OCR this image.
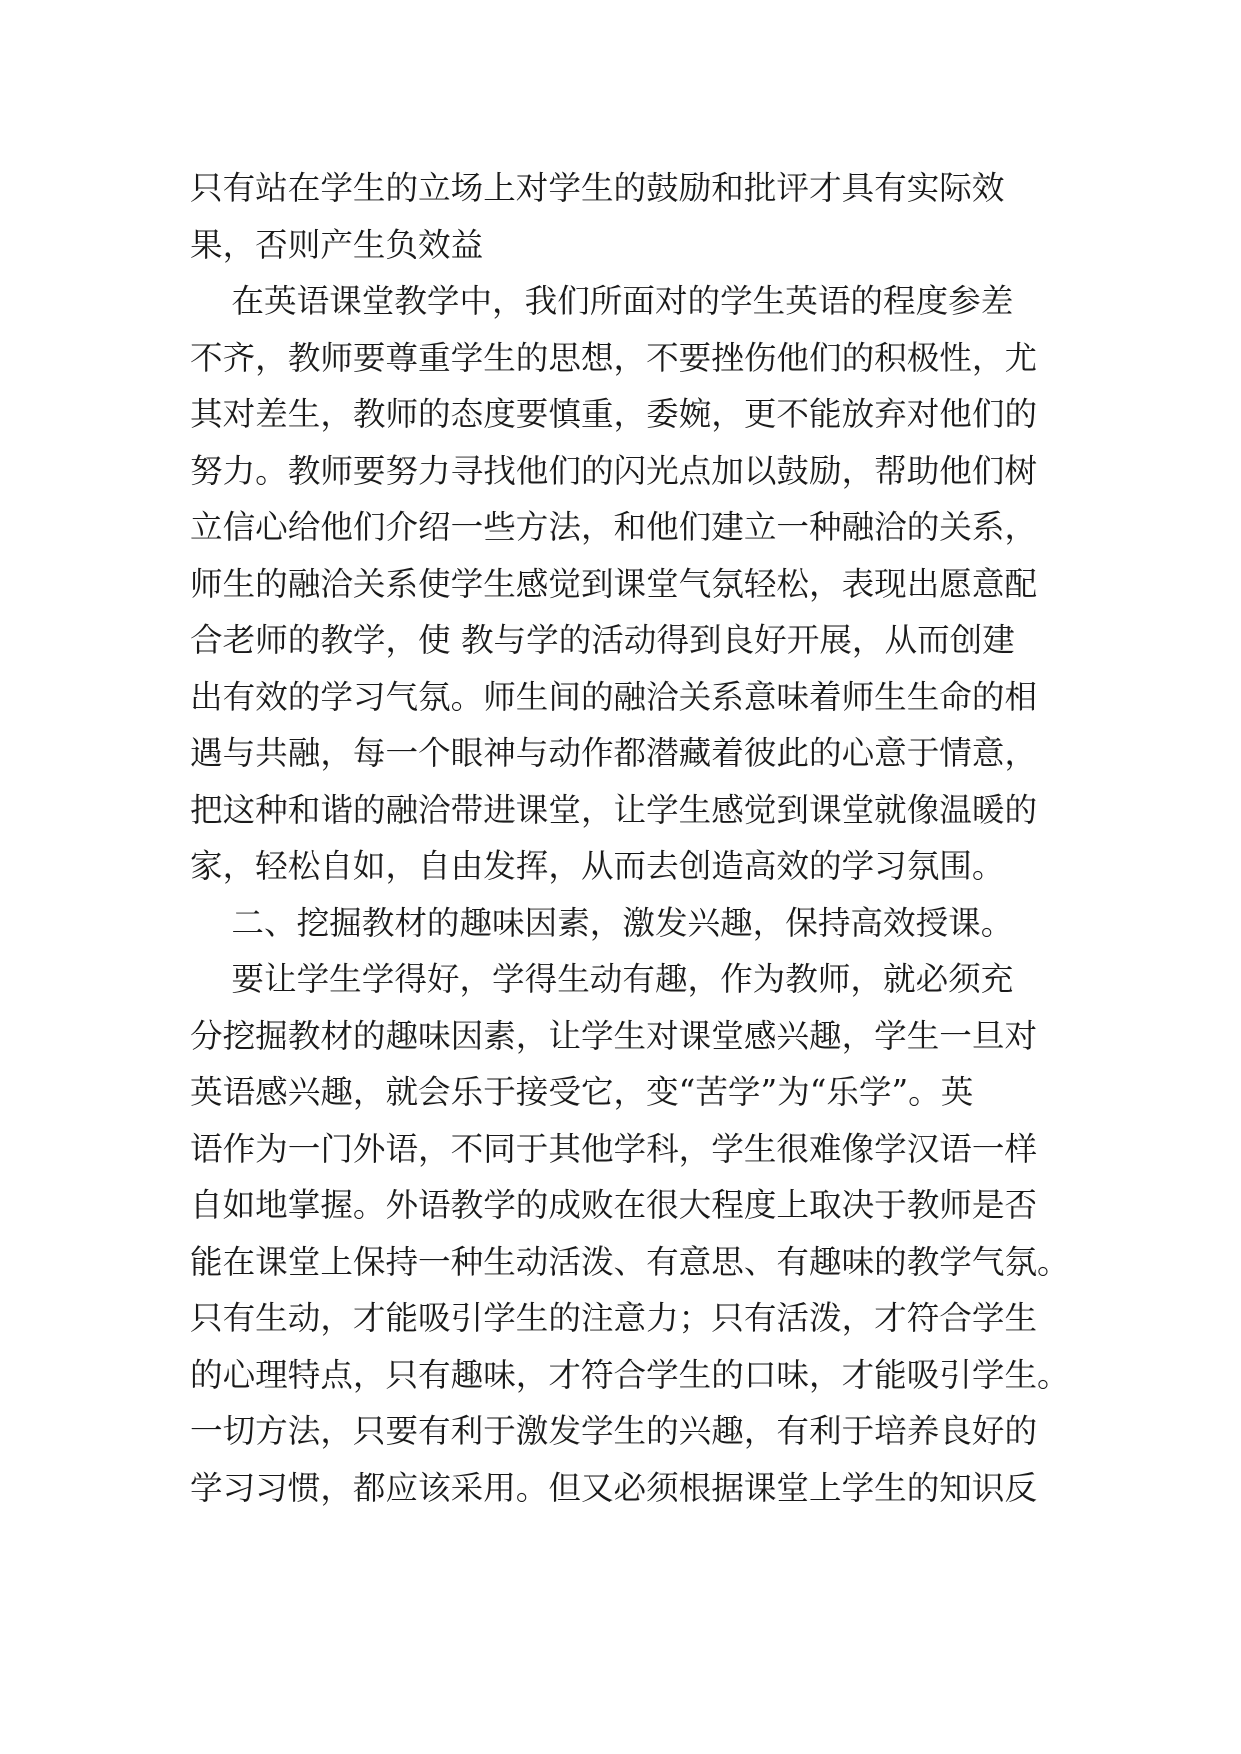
只有站在学生的立场上对学生的鼓励和批评才具有实际效
果，否则产生负效益
在英语课堂教学中，我们所面对的学生英语的程度参差
不齐，教师要尊重学生的思想，不要挫伤他们的积极性，尤
其对差生，教师的态度要慎重，委婉，更不能放弃对他们的
努力。教师要努力寻找他们的闪光点加以鼓励，帮助他们树
立信心给他们介绍一些方法，和他们建立一种融洽的关系，
师生的融洽关系使学生感觉到课堂气氛轻松，表现出愿意配
合老师的教学，使 教与学的活动得到良好开展，从而创建
出有效的学习气氛。师生间的融洽关系意味着师生生命的相
遇与共融，每一个眼神与动作都潜藏着彼此的心意于情意，
把这种和谐的融洽带进课堂，让学生感觉到课堂就像温暖的
家，轻松自如，自由发挥，从而去创造高效的学习氛围。
二、挖掘教材的趣味因素，激发兴趣，保持高效授课。
要让学生学得好，学得生动有趣，作为教师，就必须充
分挖掘教材的趣味因素，让学生对课堂感兴趣，学生一旦对
英语感兴趣，就会乐于接受它，变“苦学”为“乐学”。英
语作为一门外语，不同于其他学科，学生很难像学汉语一样
自如地掌握。外语教学的成败在很大程度上取决于教师是否
能在课堂上保持一种生动活泼、有意思、有趣味的教学气氛。
只有生动，才能吸引学生的注意力；只有活泼，才符合学生
的心理特点，只有趣味，才符合学生的口味，才能吸引学生。
一切方法，只要有利于激发学生的兴趣，有利于培养良好的
学习习惯，都应该采用。但又必须根据课堂上学生的知识反
